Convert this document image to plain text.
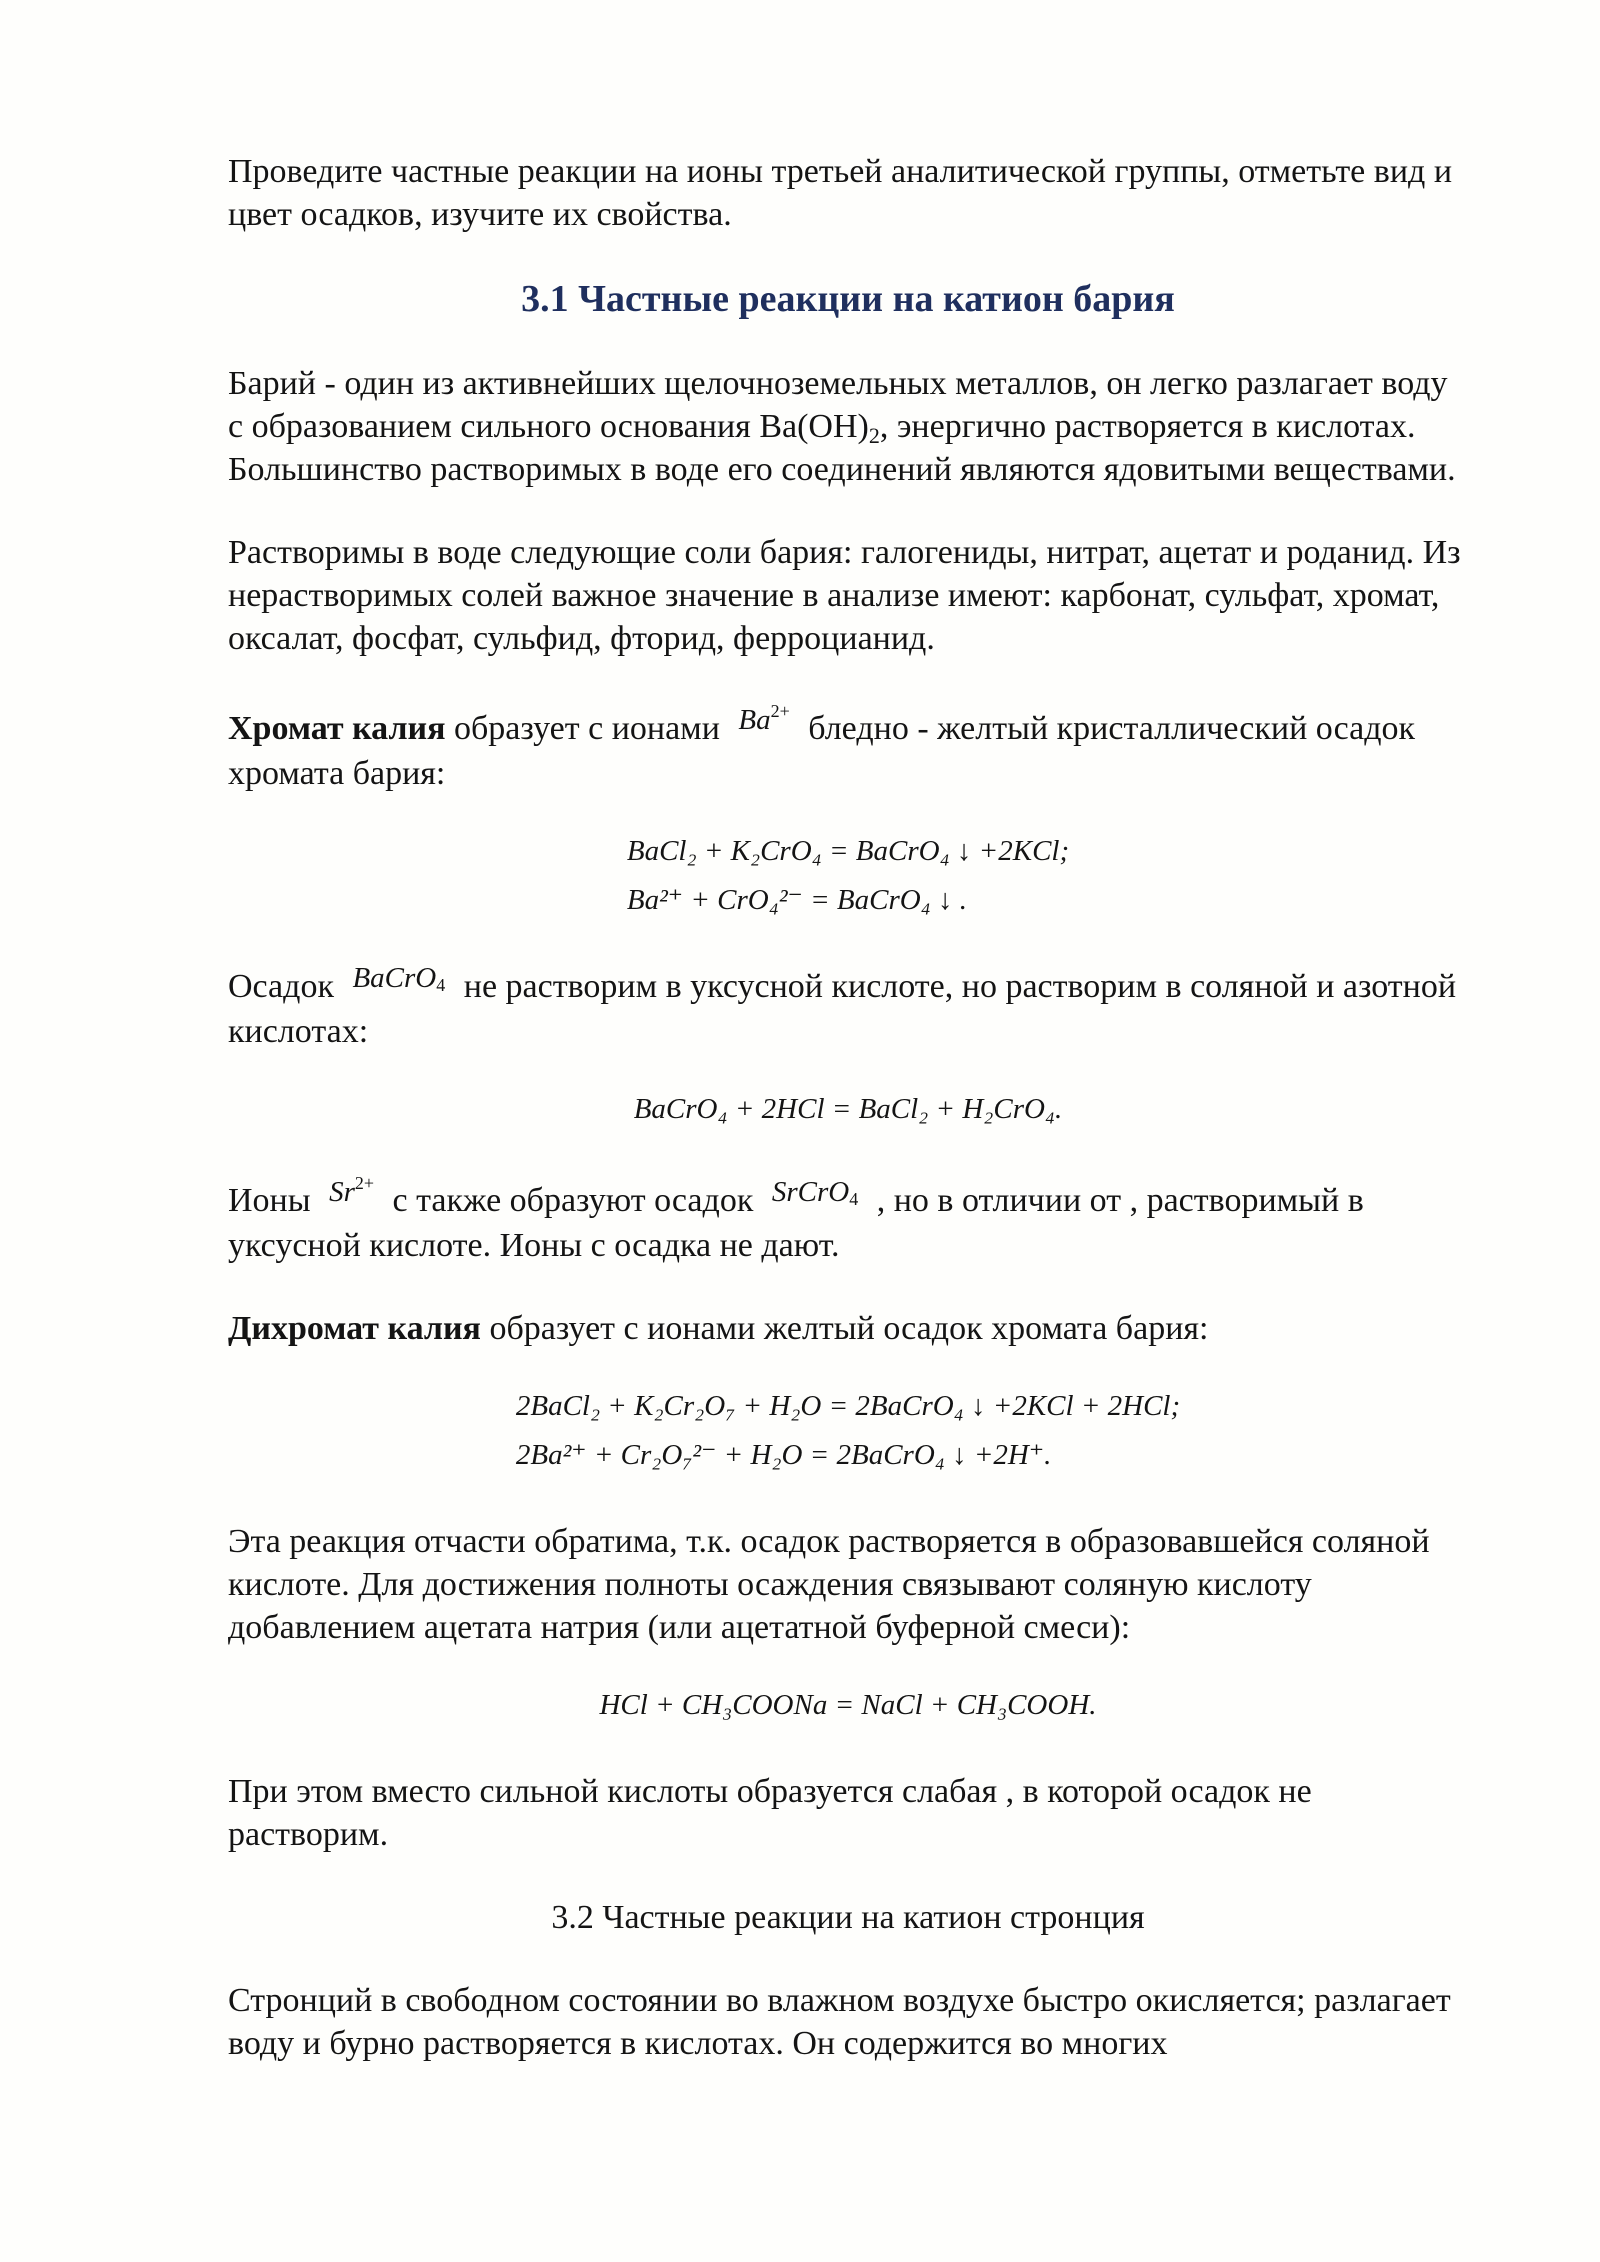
Проведите частные реакции на ионы третьей аналитической группы, отметьте вид и цвет осадков, изучите их свойства.

3.1 Частные реакции на катион бария

Барий - один из активнейших щелочноземельных металлов, он легко разлагает воду с образованием сильного основания $Ba(OH)_2$, энергично растворяется в кислотах. Большинство растворимых в воде его соединений являются ядовитыми веществами.

Растворимы в воде следующие соли бария: галогениды, нитрат, ацетат и роданид. Из нерастворимых солей важное значение в анализе имеют: карбонат, сульфат, хромат, оксалат, фосфат, сульфид, фторид, ферроцианид.

Хромат калия образует с ионами $Ba^{2+}$ бледно - желтый кристаллический осадок хромата бария:

BaCl₂ + K₂CrO₄ = BaCrO₄ ↓ +2KCl;
Ba²⁺ + CrO₄²⁻ = BaCrO₄ ↓ .

Осадок BaCrO$_4$ не растворим в уксусной кислоте, но растворим в соляной и азотной кислотах:

BaCrO₄ + 2HCl = BaCl₂ + H₂CrO₄.

Ионы $Sr^{2+}$ с также образуют осадок SrCrO$_4$ , но в отличии от , растворимый в уксусной кислоте. Ионы с осадка не дают.

Дихромат калия образует с ионами желтый осадок хромата бария:

2BaCl₂ + K₂Cr₂O₇ + H₂O = 2BaCrO₄ ↓ +2KCl + 2HCl;
2Ba²⁺ + Cr₂O₇²⁻ + H₂O = 2BaCrO₄ ↓ +2H⁺.

Эта реакция отчасти обратима, т.к. осадок растворяется в образовавшейся соляной кислоте. Для достижения полноты осаждения связывают соляную кислоту добавлением ацетата натрия (или ацетатной буферной смеси):

HCl + CH₃COONa = NaCl + CH₃COOH.

При этом вместо сильной кислоты образуется слабая , в которой осадок не растворим.

3.2 Частные реакции на катион стронция

Стронций в свободном состоянии во влажном воздухе быстро окисляется; разлагает воду и бурно растворяется в кислотах. Он содержится во многих
